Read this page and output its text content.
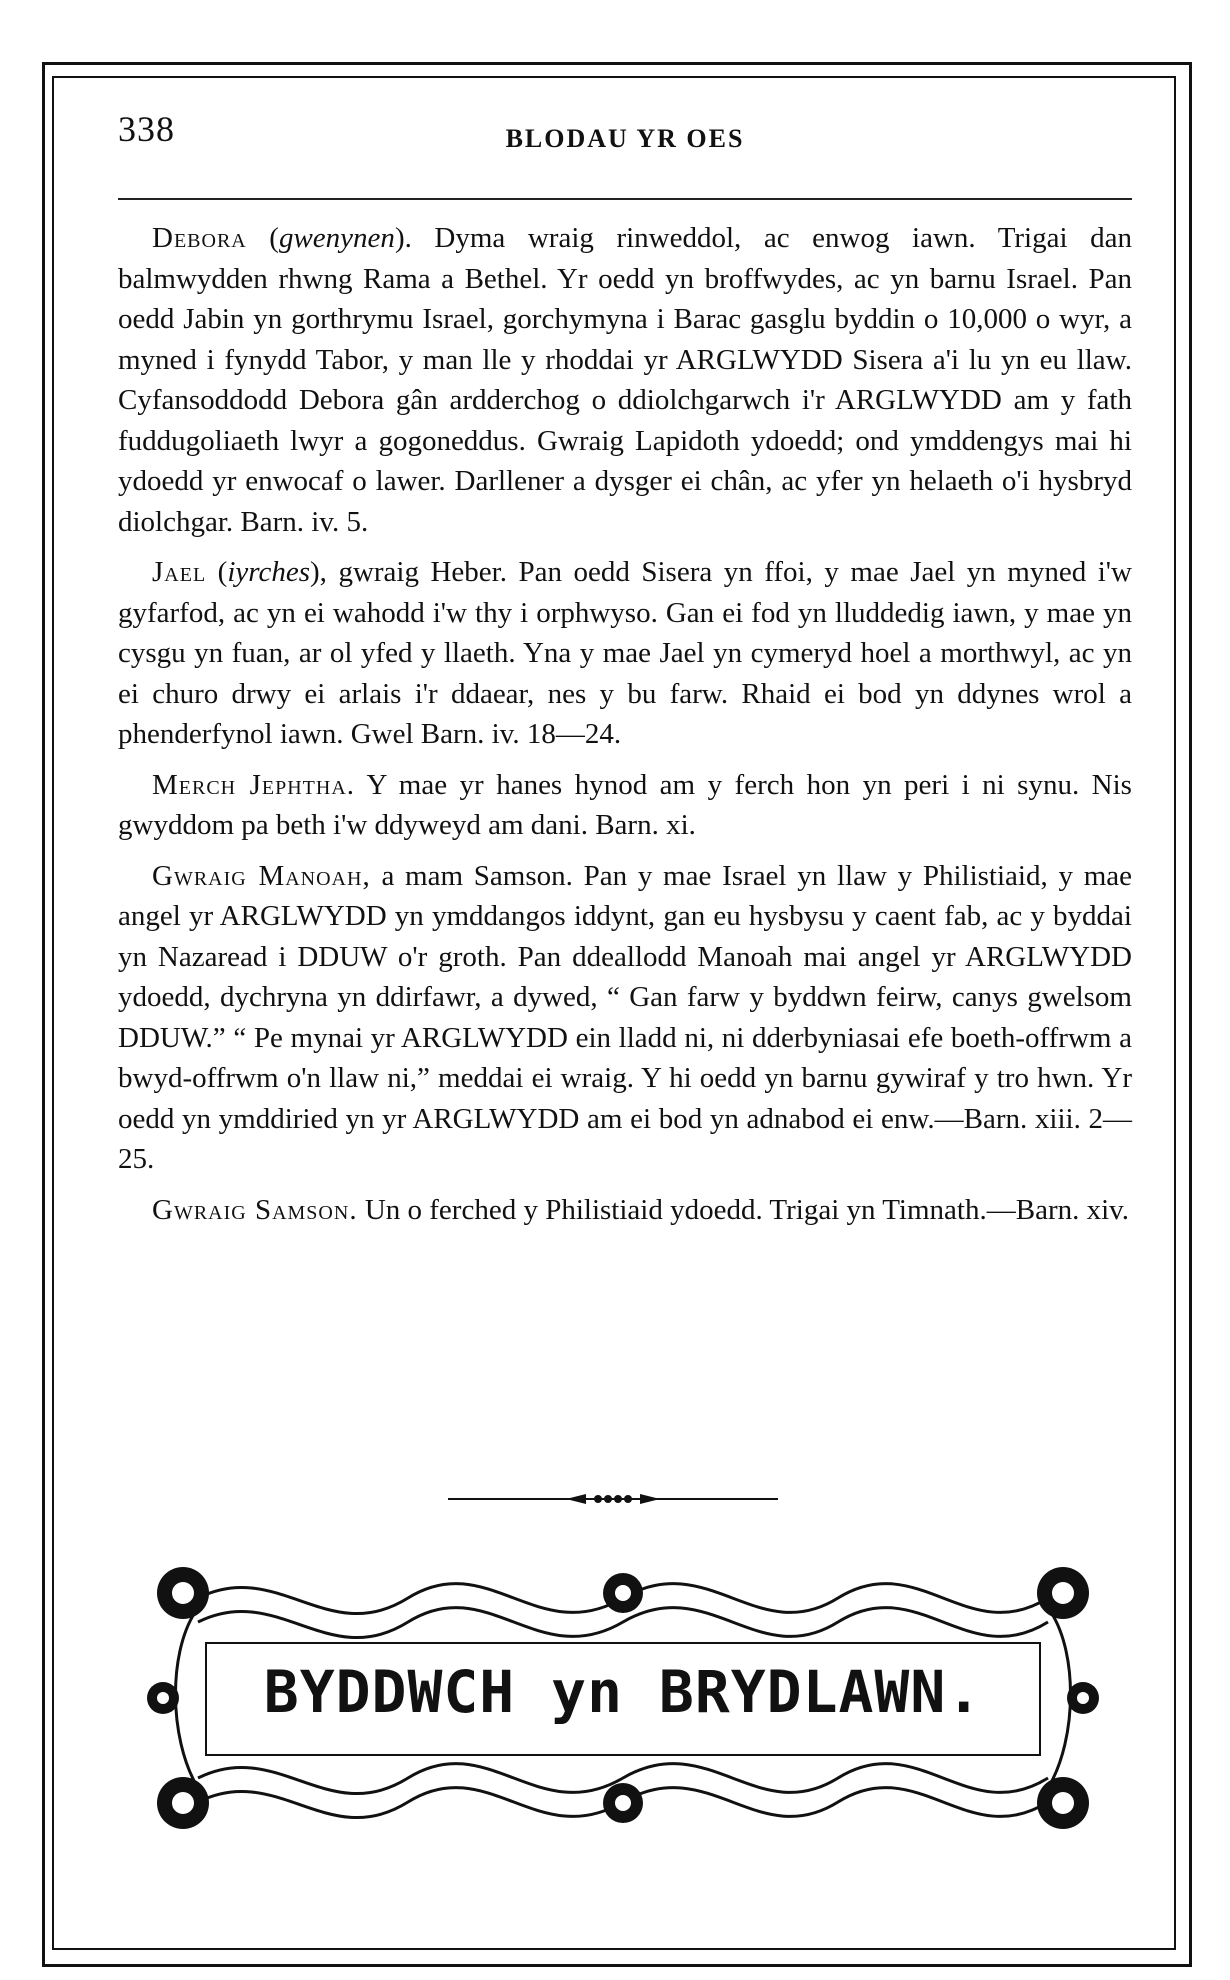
338	BLODAU YR OES

Debora (gwenynen). Dyma wraig rinweddol, ac enwog iawn. Trigai dan balmwydden rhwng Rama a Bethel. Yr oedd yn broffwydes, ac yn barnu Israel. Pan oedd Jabin yn gorthrymu Israel, gorchymyna i Barac gasglu byddin o 10,000 o wyr, a myned i fynydd Tabor, y man lle y rhoddai yr ARGLWYDD Sisera a'i lu yn eu llaw. Cyfansoddodd Debora gân ardderchog o ddiolchgarwch i'r ARGLWYDD am y fath fuddugoliaeth lwyr a gogoneddus. Gwraig Lapidoth ydoedd; ond ymddengys mai hi ydoedd yr enwocaf o lawer. Darllener a dysger ei chân, ac yfer yn helaeth o'i hysbryd diolchgar. Barn. iv. 5.

Jael (iyrches), gwraig Heber. Pan oedd Sisera yn ffoi, y mae Jael yn myned i'w gyfarfod, ac yn ei wahodd i'w thy i orphwyso. Gan ei fod yn lluddedig iawn, y mae yn cysgu yn fuan, ar ol yfed y llaeth. Yna y mae Jael yn cymeryd hoel a morthwyl, ac yn ei churo drwy ei arlais i'r ddaear, nes y bu farw. Rhaid ei bod yn ddynes wrol a phenderfynol iawn. Gwel Barn. iv. 18—24.

Merch Jephtha. Y mae yr hanes hynod am y ferch hon yn peri i ni synu. Nis gwyddom pa beth i'w ddyweyd am dani. Barn. xi.

Gwraig Manoah, a mam Samson. Pan y mae Israel yn llaw y Philistiaid, y mae angel yr ARGLWYDD yn ymddangos iddynt, gan eu hysbysu y caent fab, ac y byddai yn Nazaread i DDUW o'r groth. Pan ddeallodd Manoah mai angel yr ARGLWYDD ydoedd, dychryna yn ddirfawr, a dywed, “ Gan farw y byddwn feirw, canys gwelsom DDUW.” “ Pe mynai yr ARGLWYDD ein lladd ni, ni dderbyniasai efe boeth-offrwm a bwyd-offrwm o'n llaw ni,” meddai ei wraig. Y hi oedd yn barnu gywiraf y tro hwn. Yr oedd yn ymddiried yn yr ARGLWYDD am ei bod yn adnabod ei enw.—Barn. xiii. 2—25.

Gwraig Samson. Un o ferched y Philistiaid ydoedd. Trigai yn Timnath.—Barn. xiv.

BYDDWCH yn BRYDLAWN.
